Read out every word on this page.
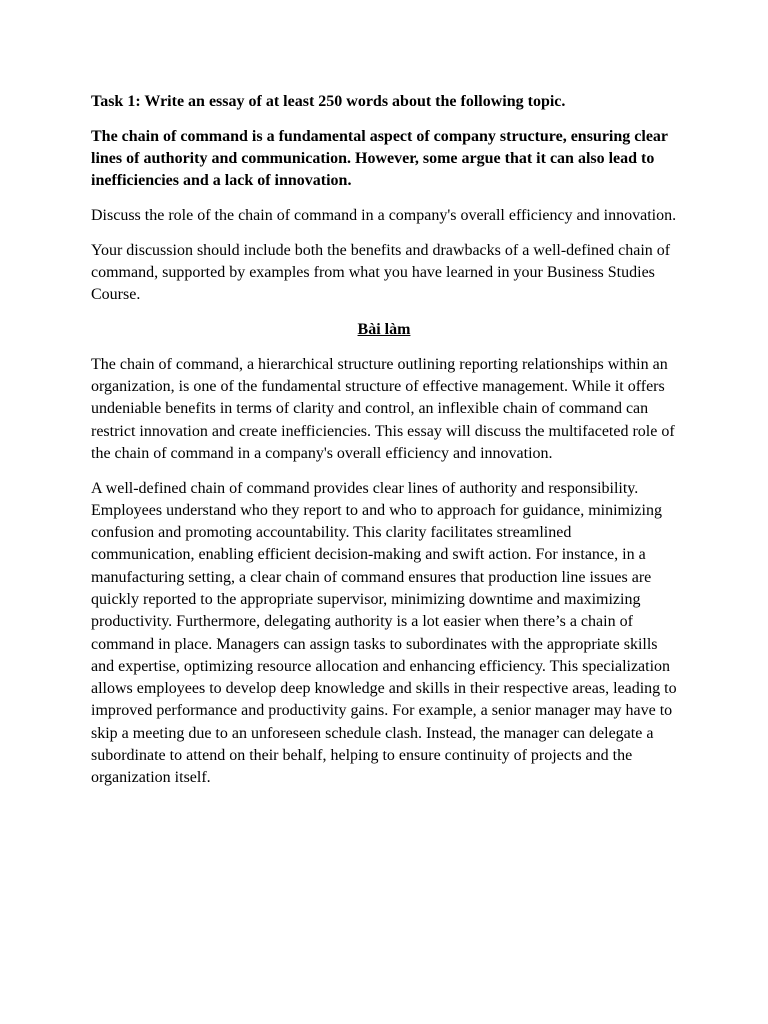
Task 1: Write an essay of at least 250 words about the following topic.

The chain of command is a fundamental aspect of company structure, ensuring clear lines of authority and communication. However, some argue that it can also lead to inefficiencies and a lack of innovation.

Discuss the role of the chain of command in a company's overall efficiency and innovation.

Your discussion should include both the benefits and drawbacks of a well-defined chain of command, supported by examples from what you have learned in your Business Studies Course.

Bài làm

The chain of command, a hierarchical structure outlining reporting relationships within an organization, is one of the fundamental structure of effective management. While it offers undeniable benefits in terms of clarity and control, an inflexible chain of command can restrict innovation and create inefficiencies. This essay will discuss the multifaceted role of the chain of command in a company's overall efficiency and innovation.

A well-defined chain of command provides clear lines of authority and responsibility. Employees understand who they report to and who to approach for guidance, minimizing confusion and promoting accountability. This clarity facilitates streamlined communication, enabling efficient decision-making and swift action. For instance, in a manufacturing setting, a clear chain of command ensures that production line issues are quickly reported to the appropriate supervisor, minimizing downtime and maximizing productivity. Furthermore, delegating authority is a lot easier when there’s a chain of command in place. Managers can assign tasks to subordinates with the appropriate skills and expertise, optimizing resource allocation and enhancing efficiency. This specialization allows employees to develop deep knowledge and skills in their respective areas, leading to improved performance and productivity gains. For example, a senior manager may have to skip a meeting due to an unforeseen schedule clash. Instead, the manager can delegate a subordinate to attend on their behalf, helping to ensure continuity of projects and the organization itself.
